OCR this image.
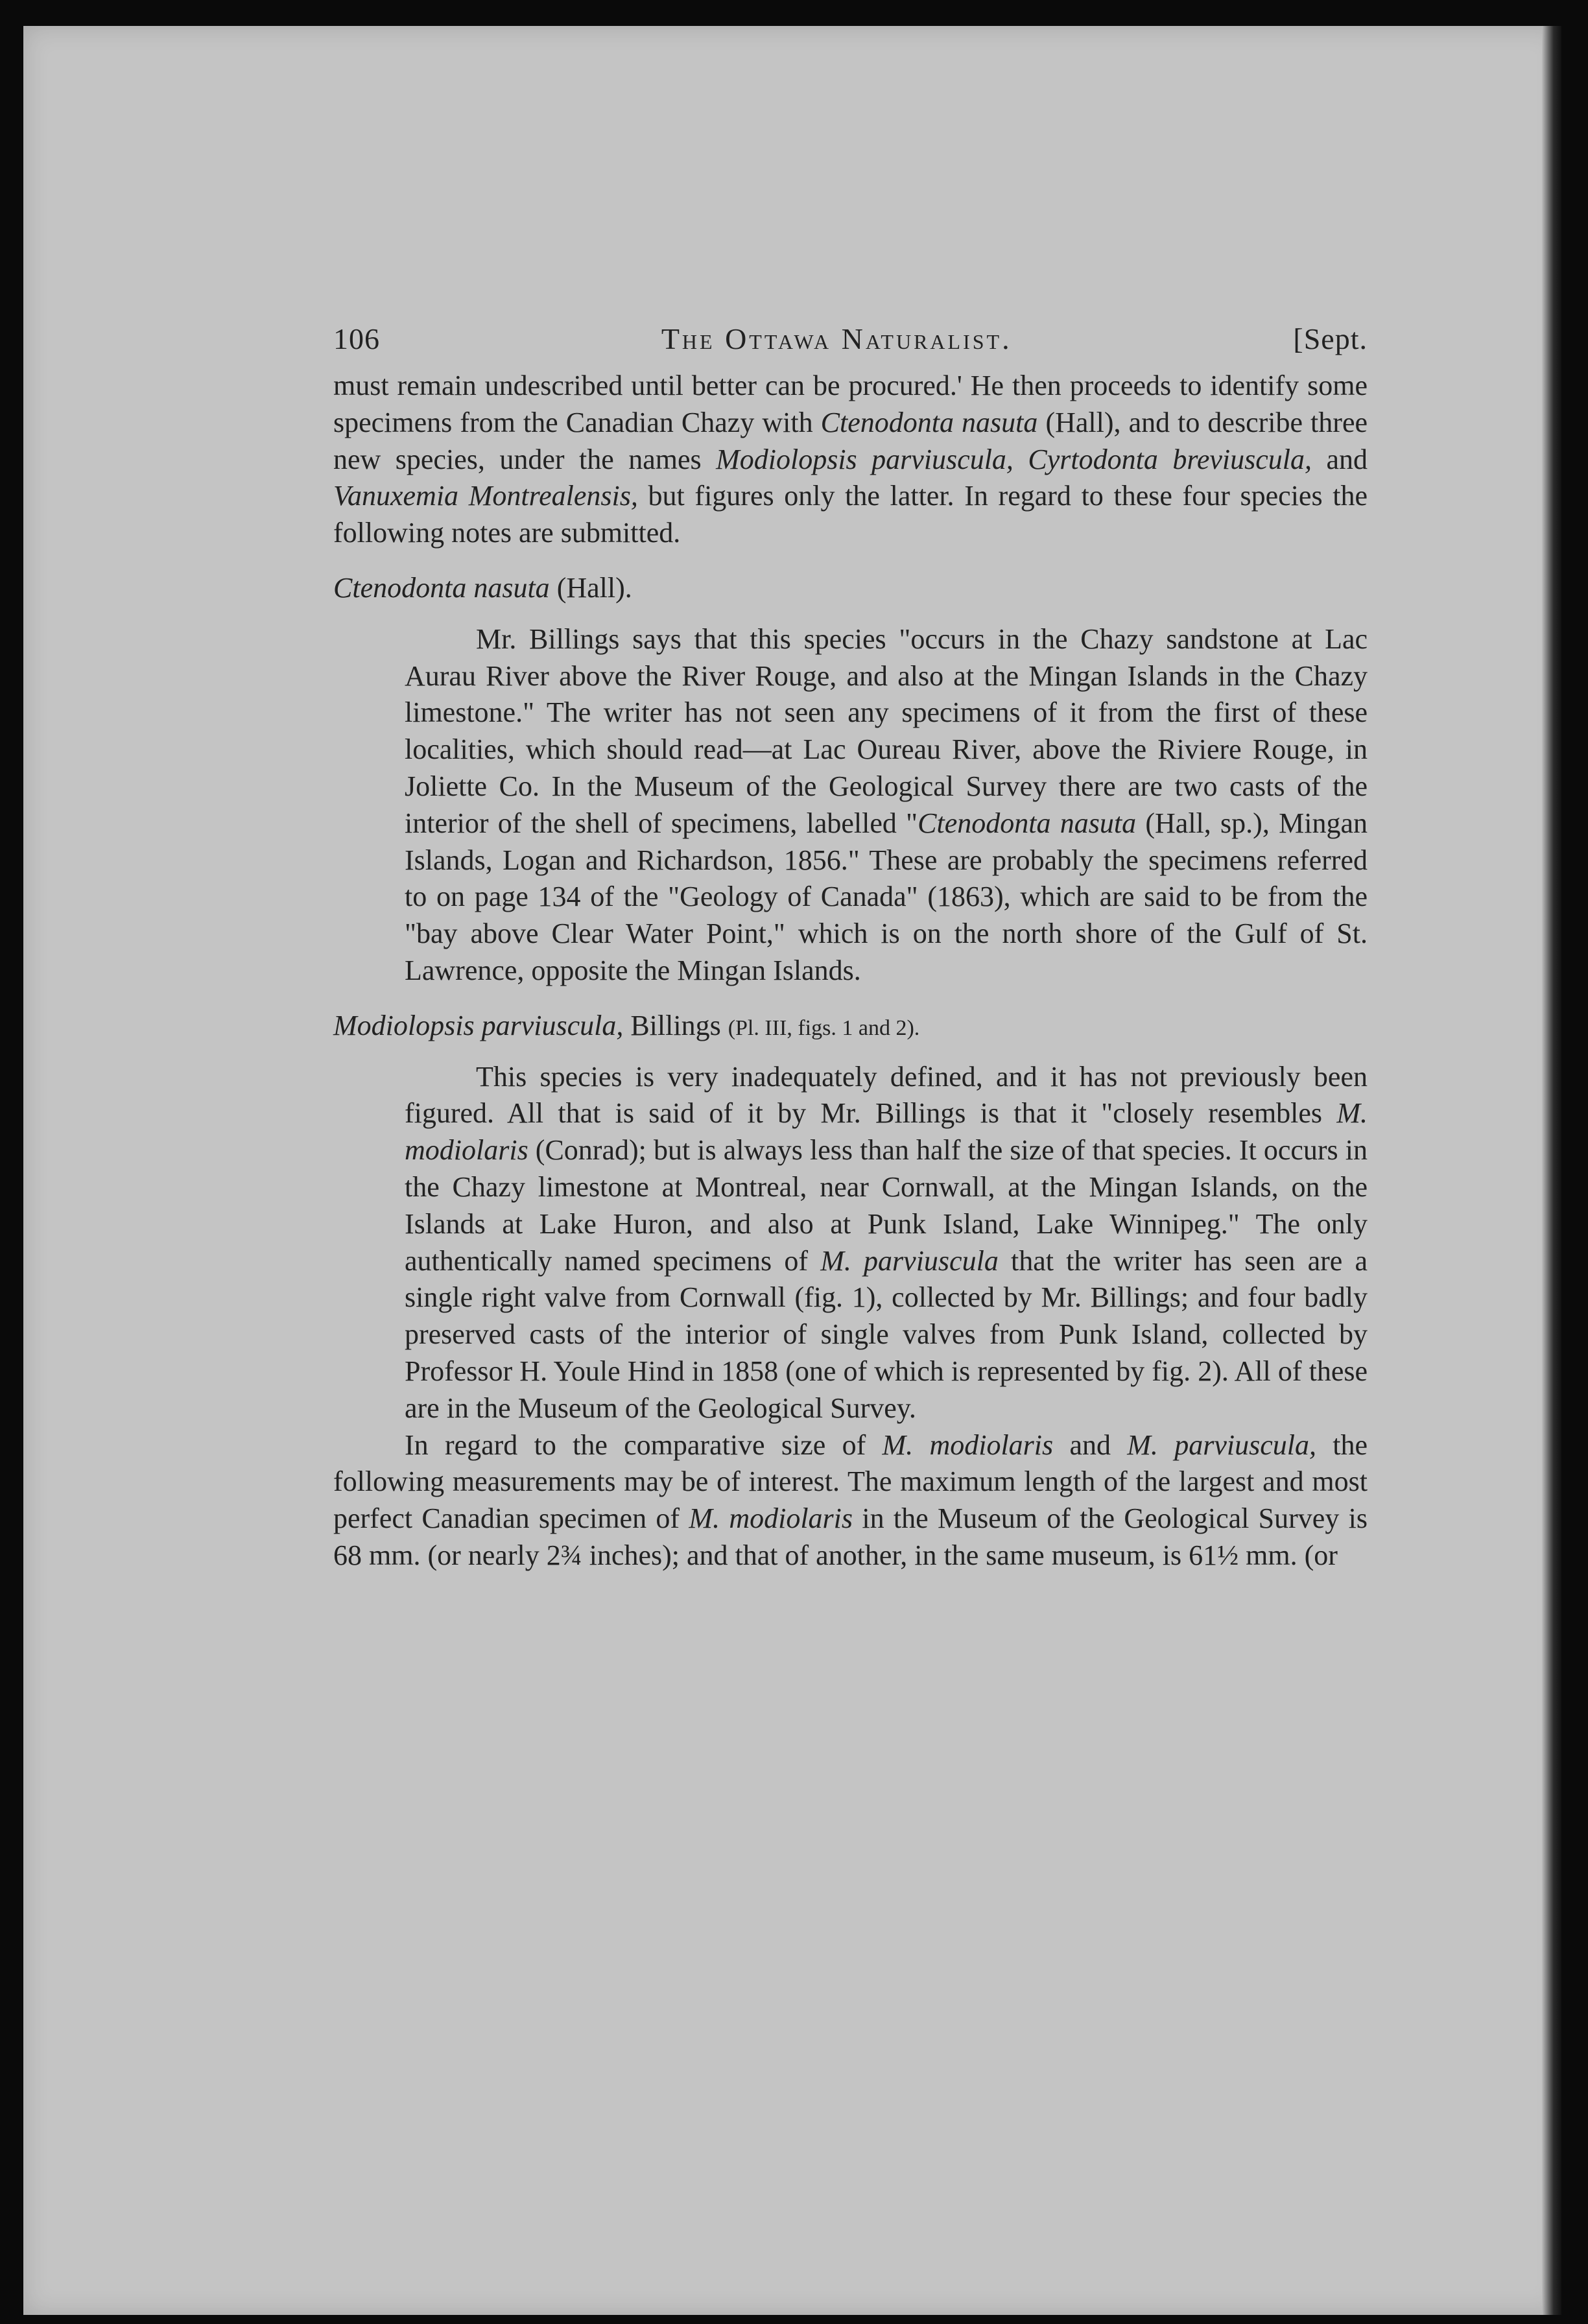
106	The Ottawa Naturalist.	[Sept.

must remain undescribed until better can be procured.' He then proceeds to identify some specimens from the Canadian Chazy with Ctenodonta nasuta (Hall), and to describe three new species, under the names Modiolopsis parviuscula, Cyrtodonta breviuscula, and Vanuxemia Montrealensis, but figures only the latter. In regard to these four species the following notes are submitted.

Ctenodonta nasuta (Hall).

Mr. Billings says that this species "occurs in the Chazy sandstone at Lac Aurau River above the River Rouge, and also at the Mingan Islands in the Chazy limestone." The writer has not seen any specimens of it from the first of these localities, which should read—at Lac Oureau River, above the Riviere Rouge, in Joliette Co. In the Museum of the Geological Survey there are two casts of the interior of the shell of specimens, labelled "Ctenodonta nasuta (Hall, sp.), Mingan Islands, Logan and Richardson, 1856." These are probably the specimens referred to on page 134 of the "Geology of Canada" (1863), which are said to be from the "bay above Clear Water Point," which is on the north shore of the Gulf of St. Lawrence, opposite the Mingan Islands.

Modiolopsis parviuscula, Billings (Pl. III, figs. 1 and 2).

This species is very inadequately defined, and it has not previously been figured. All that is said of it by Mr. Billings is that it "closely resembles M. modiolaris (Conrad); but is always less than half the size of that species. It occurs in the Chazy limestone at Montreal, near Cornwall, at the Mingan Islands, on the Islands at Lake Huron, and also at Punk Island, Lake Winnipeg." The only authentically named specimens of M. parviuscula that the writer has seen are a single right valve from Cornwall (fig. 1), collected by Mr. Billings; and four badly preserved casts of the interior of single valves from Punk Island, collected by Professor H. Youle Hind in 1858 (one of which is represented by fig. 2). All of these are in the Museum of the Geological Survey.

In regard to the comparative size of M. modiolaris and M. parviuscula, the following measurements may be of interest. The maximum length of the largest and most perfect Canadian specimen of M. modiolaris in the Museum of the Geological Survey is 68 mm. (or nearly 2¾ inches); and that of another, in the same museum, is 61½ mm. (or
